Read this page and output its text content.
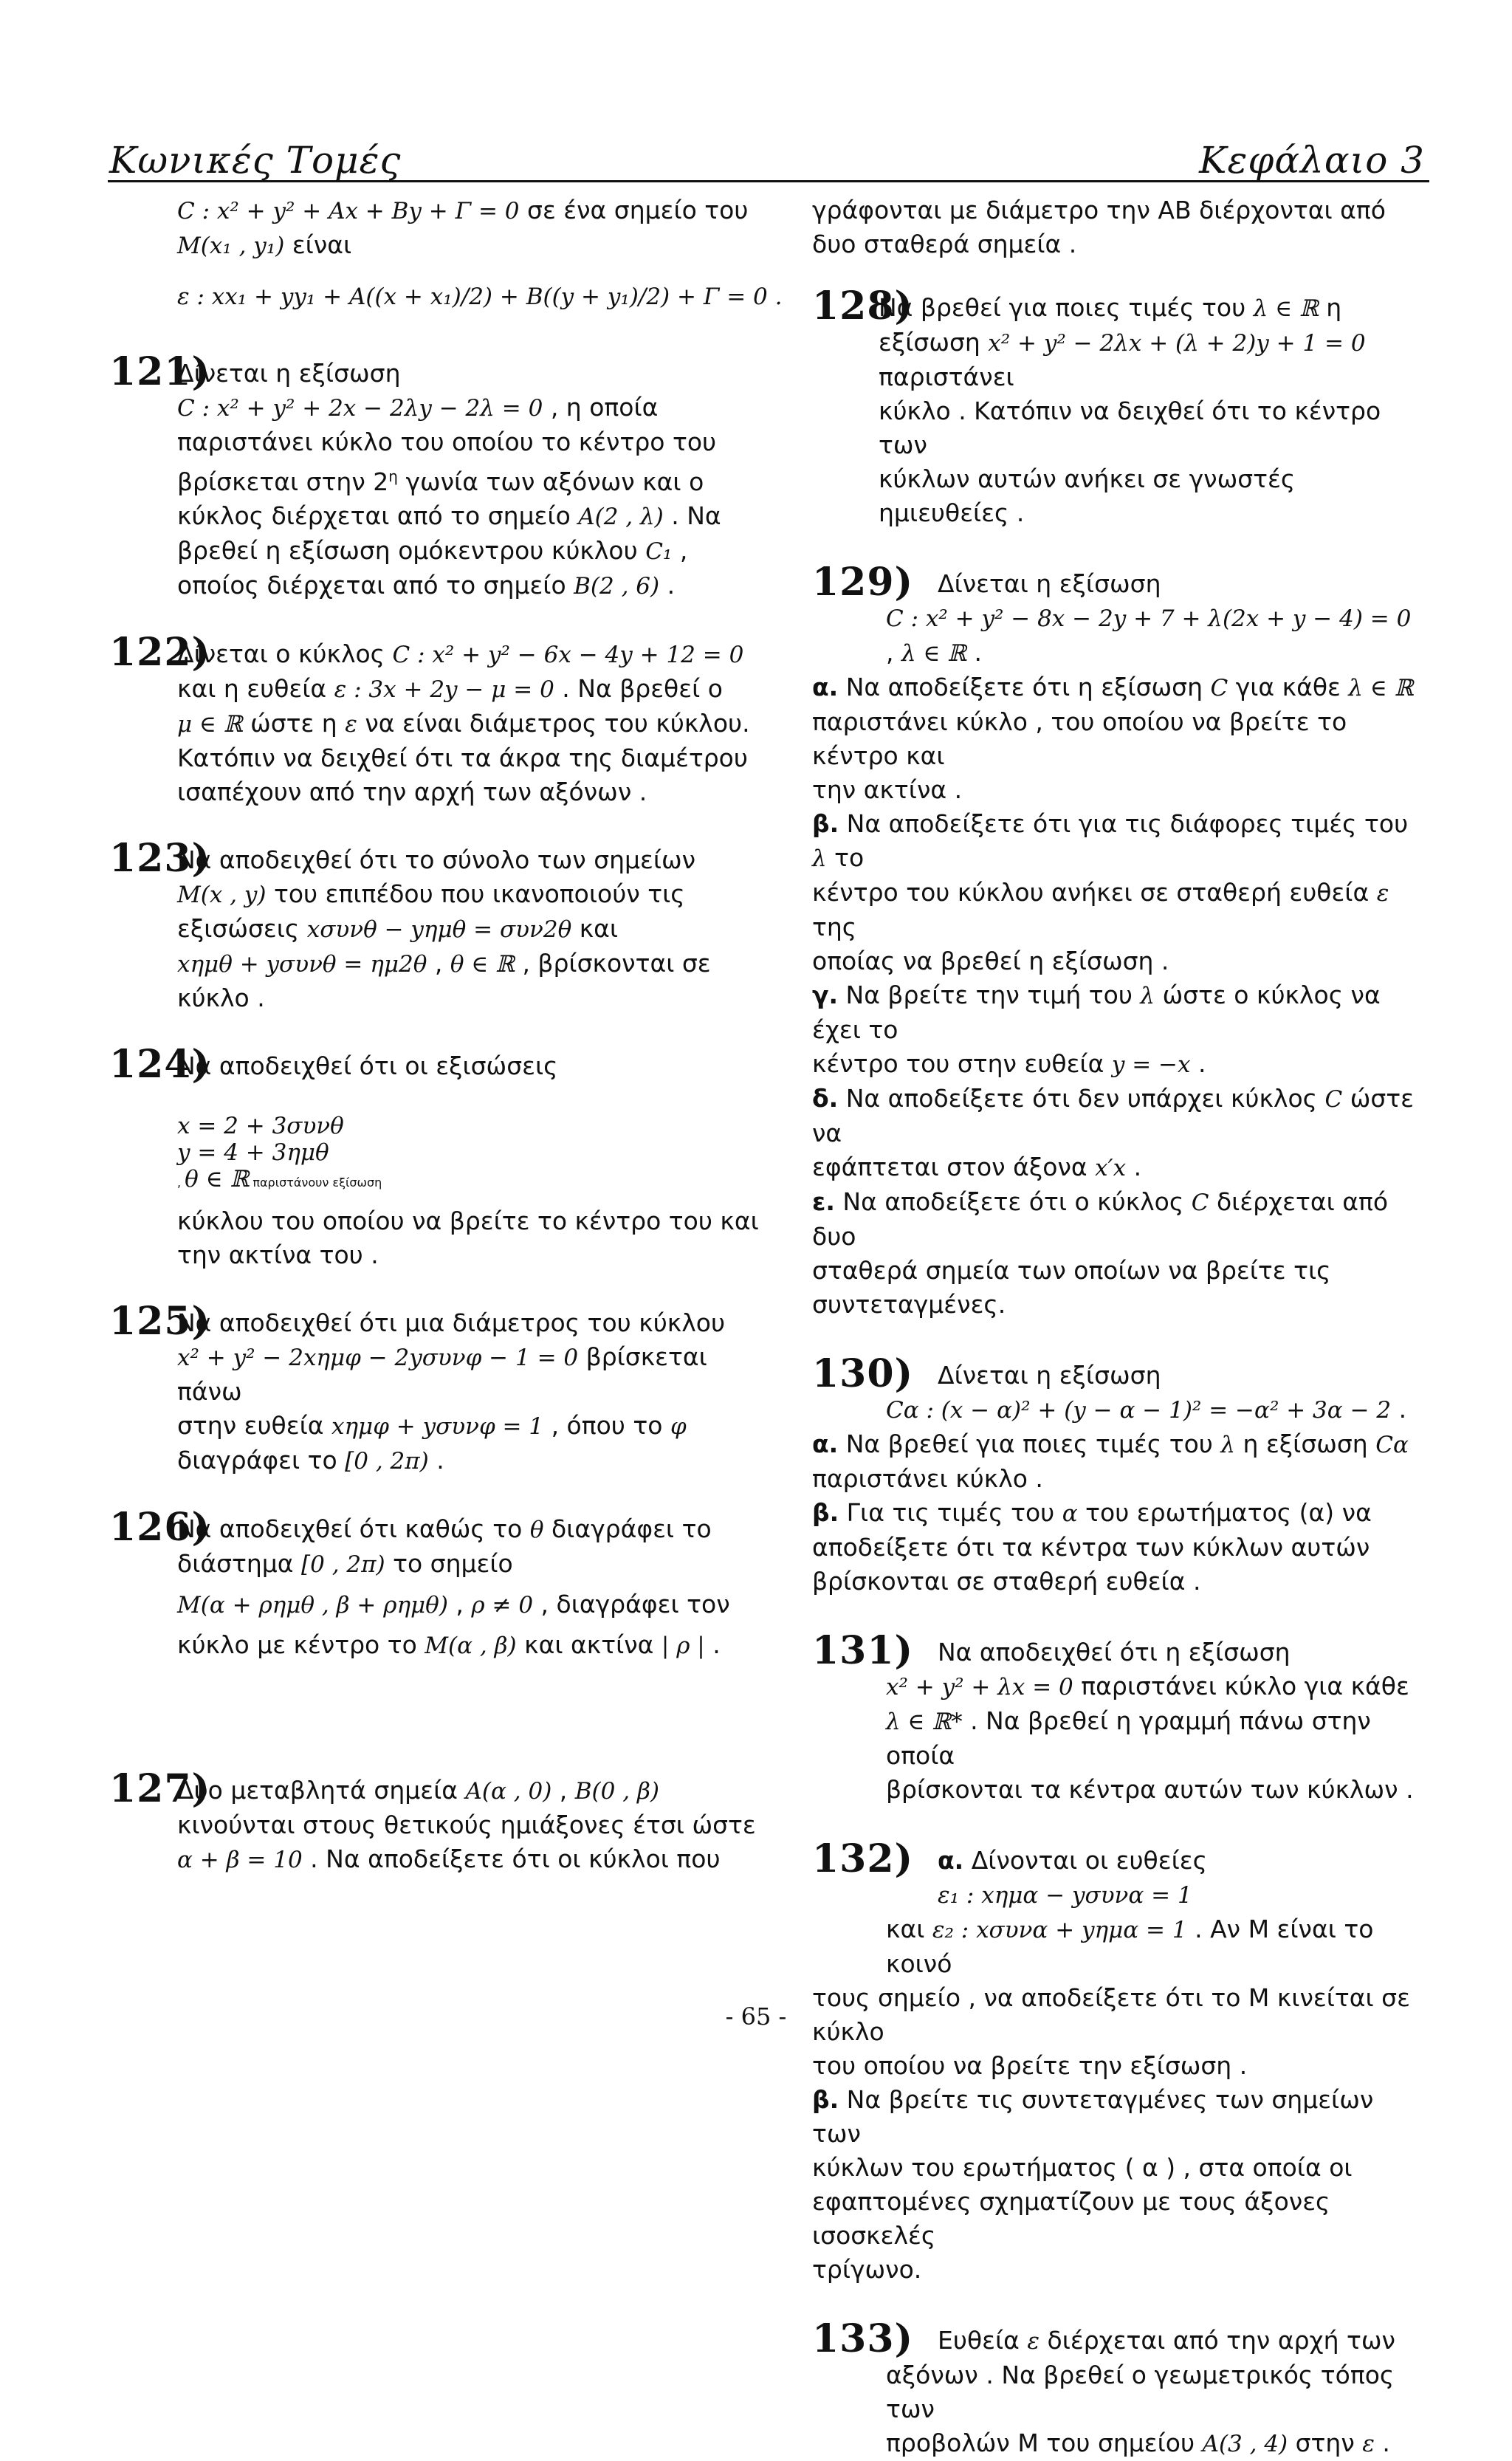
Κωνικές Τομές	Κεφάλαιο 3

C : x² + y² + Ax + By + Γ = 0 σε ένα σημείο του

M(x₁ , y₁) είναι

ε : xx₁ + yy₁ + A((x + x₁)/2) + B((y + y₁)/2) + Γ = 0 .

121)

Δίνεται η εξίσωση

C : x² + y² + 2x − 2λy − 2λ = 0 , η οποία

παριστάνει κύκλο του οποίου το κέντρο του

βρίσκεται στην $2^\eta$ γωνία των αξόνων και ο

κύκλος διέρχεται από το σημείο A(2 , λ) . Να

βρεθεί η εξίσωση ομόκεντρου κύκλου C₁ ,

οποίος διέρχεται από το σημείο B(2 , 6) .

122)

Δίνεται ο κύκλος C : x² + y² − 6x − 4y + 12 = 0

και η ευθεία ε : 3x + 2y − μ = 0 . Να βρεθεί ο

μ ∈ ℝ ώστε η ε να είναι διάμετρος του κύκλου.

Κατόπιν να δειχθεί ότι τα άκρα της διαμέτρου

ισαπέχουν από την αρχή των αξόνων .

123)

Να αποδειχθεί ότι το σύνολο των σημείων

M(x , y) του επιπέδου που ικανοποιούν τις

εξισώσεις xσυνθ − yημθ = συν2θ και

xημθ + yσυνθ = ημ2θ , θ ∈ ℝ , βρίσκονται σε

κύκλο .

124)

Να αποδειχθεί ότι οι εξισώσεις

x = 2 + 3συνθ
y = 4 + 3ημθ
, θ ∈ ℝ παριστάνουν εξίσωση

κύκλου του οποίου να βρείτε το κέντρο του και

την ακτίνα του .

125)

Να αποδειχθεί ότι μια διάμετρος του κύκλου

x² + y² − 2xημφ − 2yσυνφ − 1 = 0 βρίσκεται πάνω

στην ευθεία xημφ + yσυνφ = 1 , όπου το φ

διαγράφει το [0 , 2π) .

126)

Να αποδειχθεί ότι καθώς το θ διαγράφει το

διάστημα [0 , 2π) το σημείο

M(α + ρημθ , β + ρημθ) , ρ ≠ 0 , διαγράφει τον

κύκλο με κέντρο το M(α , β) και ακτίνα | ρ | .

127)

Δυο μεταβλητά σημεία A(α , 0) , B(0 , β)

κινούνται στους θετικούς ημιάξονες έτσι ώστε

α + β = 10 . Να αποδείξετε ότι οι κύκλοι που

γράφονται με διάμετρο την ΑΒ διέρχονται από

δυο σταθερά σημεία .

128)

Να βρεθεί για ποιες τιμές του λ ∈ ℝ η

εξίσωση x² + y² − 2λx + (λ + 2)y + 1 = 0 παριστάνει

κύκλο . Κατόπιν να δειχθεί ότι το κέντρο των

κύκλων αυτών ανήκει σε γνωστές ημιευθείες .

129) Δίνεται η εξίσωση

C : x² + y² − 8x − 2y + 7 + λ(2x + y − 4) = 0 , λ ∈ ℝ .

α. Να αποδείξετε ότι η εξίσωση C για κάθε λ ∈ ℝ

παριστάνει κύκλο , του οποίου να βρείτε το κέντρο και

την ακτίνα .

β. Να αποδείξετε ότι για τις διάφορες τιμές του λ το

κέντρο του κύκλου ανήκει σε σταθερή ευθεία ε της

οποίας να βρεθεί η εξίσωση .

γ. Να βρείτε την τιμή του λ ώστε ο κύκλος να έχει το

κέντρο του στην ευθεία y = −x .

δ. Να αποδείξετε ότι δεν υπάρχει κύκλος C ώστε να

εφάπτεται στον άξονα x′x .

ε. Να αποδείξετε ότι ο κύκλος C διέρχεται από δυο

σταθερά σημεία των οποίων να βρείτε τις

συντεταγμένες.

130) Δίνεται η εξίσωση

Cα : (x − α)² + (y − α − 1)² = −α² + 3α − 2 .

α. Να βρεθεί για ποιες τιμές του λ η εξίσωση Cα

παριστάνει κύκλο .

β. Για τις τιμές του α του ερωτήματος (α) να

αποδείξετε ότι τα κέντρα των κύκλων αυτών

βρίσκονται σε σταθερή ευθεία .

131) Να αποδειχθεί ότι η εξίσωση

x² + y² + λx = 0 παριστάνει κύκλο για κάθε

λ ∈ ℝ* . Να βρεθεί η γραμμή πάνω στην οποία

βρίσκονται τα κέντρα αυτών των κύκλων .

132) α. Δίνονται οι ευθείες ε₁ : xημα − yσυνα = 1

και ε₂ : xσυνα + yημα = 1 . Αν Μ είναι το κοινό

τους σημείο , να αποδείξετε ότι το Μ κινείται σε κύκλο

του οποίου να βρείτε την εξίσωση .

β. Να βρείτε τις συντεταγμένες των σημείων των

κύκλων του ερωτήματος ( α ) , στα οποία οι

εφαπτομένες σχηματίζουν με τους άξονες ισοσκελές

τρίγωνο.

133) Ευθεία ε διέρχεται από την αρχή των

αξόνων . Να βρεθεί ο γεωμετρικός τόπος των

προβολών Μ του σημείου A(3 , 4) στην ε .

- 65 -
